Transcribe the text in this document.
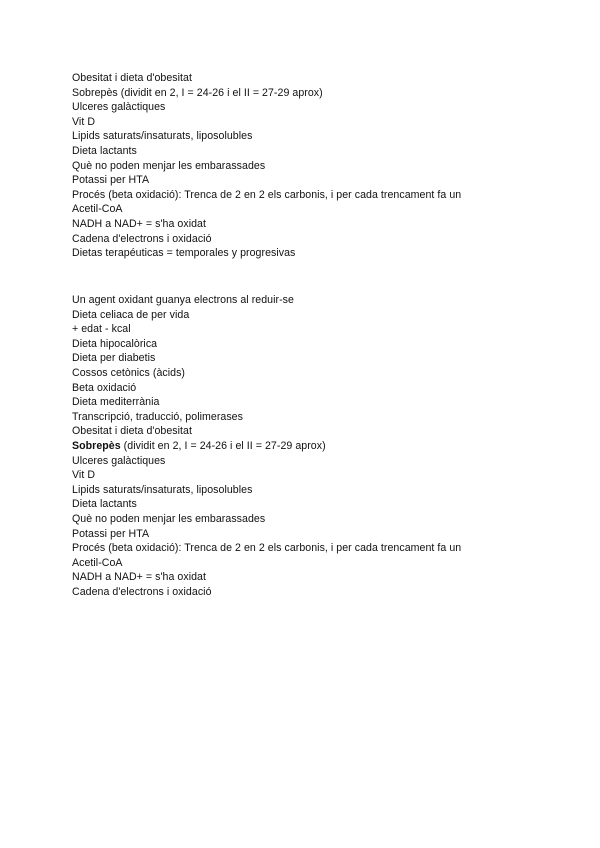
Obesitat i dieta d'obesitat
Sobrepès (dividit en 2, I = 24-26 i el II = 27-29 aprox)
Ulceres galàctiques
Vit D
Lipids saturats/insaturats, liposolubles
Dieta lactants
Què no poden menjar les embarassades
Potassi per HTA
Procés (beta oxidació): Trenca de 2 en 2 els carbonis, i per cada trencament fa un
Acetil-CoA
NADH a NAD+ = s'ha oxidat
Cadena d'electrons i oxidació
Dietas terapéuticas = temporales y progresivas
Un agent oxidant guanya electrons al reduir-se
Dieta celiaca de per vida
+ edat - kcal
Dieta hipocalòrica
Dieta per diabetis
Cossos cetònics (àcids)
Beta oxidació
Dieta mediterrània
Transcripció, traducció, polimerases
Obesitat i dieta d'obesitat
Sobrepès (dividit en 2, I = 24-26 i el II = 27-29 aprox)
Ulceres galàctiques
Vit D
Lipids saturats/insaturats, liposolubles
Dieta lactants
Què no poden menjar les embarassades
Potassi per HTA
Procés (beta oxidació): Trenca de 2 en 2 els carbonis, i per cada trencament fa un
Acetil-CoA
NADH a NAD+ = s'ha oxidat
Cadena d'electrons i oxidació
